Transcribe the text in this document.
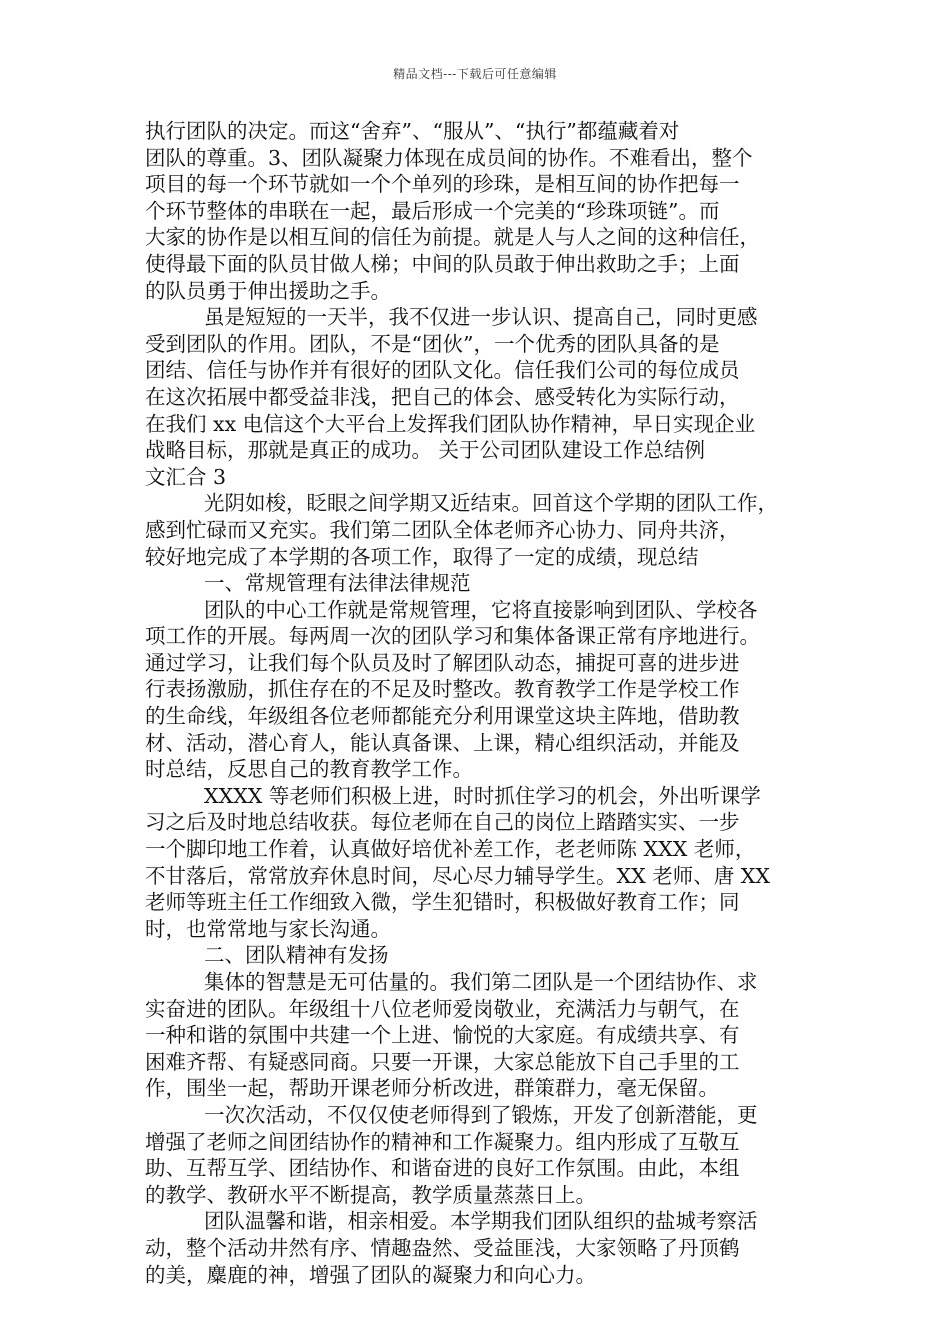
精品文档---下载后可任意编辑
执行团队的决定。而这“舍弃”、“服从”、“执行”都蕴藏着对
团队的尊重。3、团队凝聚力体现在成员间的协作。不难看出，整个
项目的每一个环节就如一个个单列的珍珠，是相互间的协作把每一
个环节整体的串联在一起，最后形成一个完美的“珍珠项链”。而
大家的协作是以相互间的信任为前提。就是人与人之间的这种信任，
使得最下面的队员甘做人梯；中间的队员敢于伸出救助之手；上面
的队员勇于伸出援助之手。
虽是短短的一天半，我不仅进一步认识、提高自己，同时更感
受到团队的作用。团队，不是“团伙”，一个优秀的团队具备的是
团结、信任与协作并有很好的团队文化。信任我们公司的每位成员
在这次拓展中都受益非浅，把自己的体会、感受转化为实际行动，
在我们 xx 电信这个大平台上发挥我们团队协作精神，早日实现企业
战略目标，那就是真正的成功。 关于公司团队建设工作总结例
文汇合 3
光阴如梭，眨眼之间学期又近结束。回首这个学期的团队工作，
感到忙碌而又充实。我们第二团队全体老师齐心协力、同舟共济，
较好地完成了本学期的各项工作，取得了一定的成绩，现总结
一、常规管理有法律法律规范
团队的中心工作就是常规管理，它将直接影响到团队、学校各
项工作的开展。每两周一次的团队学习和集体备课正常有序地进行。
通过学习，让我们每个队员及时了解团队动态，捕捉可喜的进步进
行表扬激励，抓住存在的不足及时整改。教育教学工作是学校工作
的生命线，年级组各位老师都能充分利用课堂这块主阵地，借助教
材、活动，潜心育人，能认真备课、上课，精心组织活动，并能及
时总结，反思自己的教育教学工作。
XXXX 等老师们积极上进，时时抓住学习的机会，外出听课学
习之后及时地总结收获。每位老师在自己的岗位上踏踏实实、一步
一个脚印地工作着，认真做好培优补差工作，老老师陈 XXX 老师，
不甘落后，常常放弃休息时间，尽心尽力辅导学生。XX 老师、唐 XX
老师等班主任工作细致入微，学生犯错时，积极做好教育工作；同
时，也常常地与家长沟通。
二、团队精神有发扬
集体的智慧是无可估量的。我们第二团队是一个团结协作、求
实奋进的团队。年级组十八位老师爱岗敬业，充满活力与朝气，在
一种和谐的氛围中共建一个上进、愉悦的大家庭。有成绩共享、有
困难齐帮、有疑惑同商。只要一开课，大家总能放下自己手里的工
作，围坐一起，帮助开课老师分析改进，群策群力，毫无保留。
一次次活动，不仅仅使老师得到了锻炼，开发了创新潜能，更
增强了老师之间团结协作的精神和工作凝聚力。组内形成了互敬互
助、互帮互学、团结协作、和谐奋进的良好工作氛围。由此，本组
的教学、教研水平不断提高，教学质量蒸蒸日上。
团队温馨和谐，相亲相爱。本学期我们团队组织的盐城考察活
动，整个活动井然有序、情趣盎然、受益匪浅，大家领略了丹顶鹤
的美，麋鹿的神，增强了团队的凝聚力和向心力。
